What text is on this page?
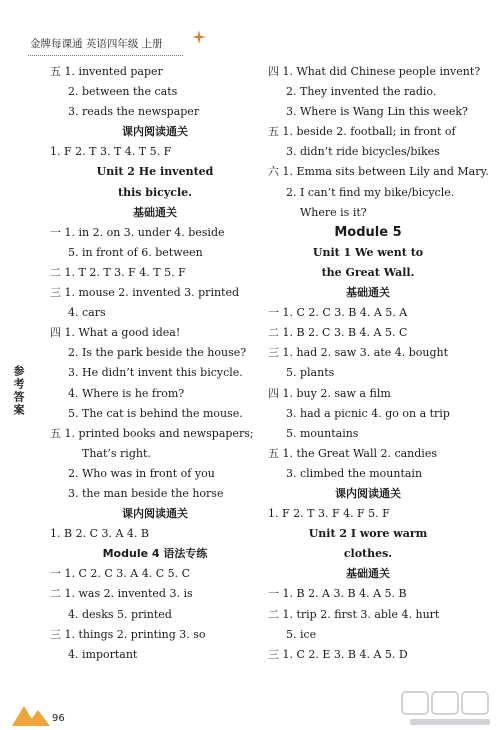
金牌每课通 英语四年级 上册
五 1. invented paper
2. between the cats
3. reads the newspaper
课内阅读通关
1. F 2. T 3. T 4. T 5. F
Unit 2 He invented
this bicycle.
基础通关
一 1. in 2. on 3. under 4. beside
5. in front of 6. between
二 1. T 2. T 3. F 4. T 5. F
三 1. mouse 2. invented 3. printed
4. cars
四 1. What a good idea!
2. Is the park beside the house?
3. He didn’t invent this bicycle.
4. Where is he from?
5. The cat is behind the mouse.
五 1. printed books and newspapers;
That’s right.
2. Who was in front of you
3. the man beside the horse
课内阅读通关
1. B 2. C 3. A 4. B
Module 4 语法专练
一 1. C 2. C 3. A 4. C 5. C
二 1. was 2. invented 3. is
4. desks 5. printed
三 1. things 2. printing 3. so
4. important
四 1. What did Chinese people invent?
2. They invented the radio.
3. Where is Wang Lin this week?
五 1. beside 2. football; in front of
3. didn’t ride bicycles/bikes
六 1. Emma sits between Lily and Mary.
2. I can’t find my bike/bicycle.
Where is it?
Module 5
Unit 1 We went to
the Great Wall.
基础通关
一 1. C 2. C 3. B 4. A 5. A
二 1. B 2. C 3. B 4. A 5. C
三 1. had 2. saw 3. ate 4. bought
5. plants
四 1. buy 2. saw a film
3. had a picnic 4. go on a trip
5. mountains
五 1. the Great Wall 2. candies
3. climbed the mountain
课内阅读通关
1. F 2. T 3. F 4. F 5. F
Unit 2 I wore warm
clothes.
基础通关
一 1. B 2. A 3. B 4. A 5. B
二 1. trip 2. first 3. able 4. hurt
5. ice
三 1. C 2. E 3. B 4. A 5. D
参考答案
96
